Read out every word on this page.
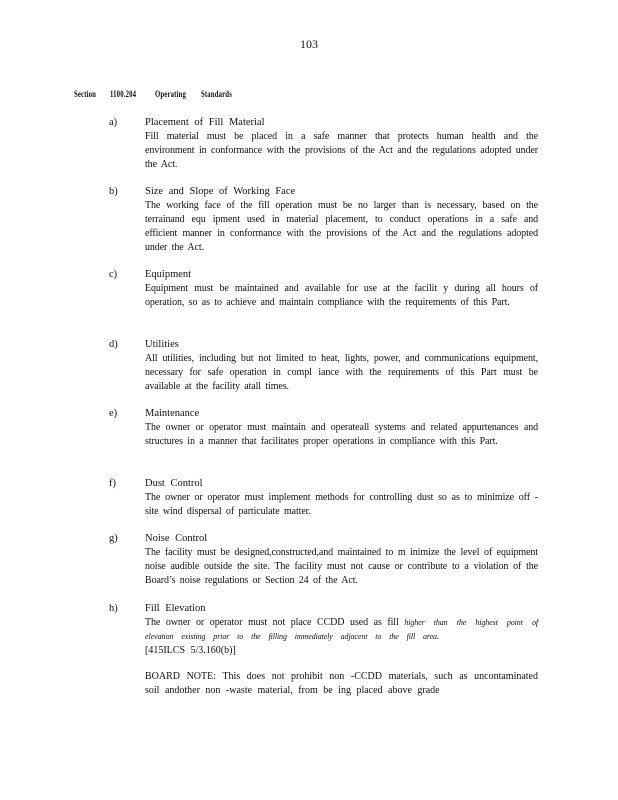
103
Section 1100.204 Operating Standards
a)	Placement of Fill Material
Fill material must be placed in a safe manner that protects human health and the environment in conformance with the provisions of the Act and the regulations adopted under the Act.
b)	Size and Slope of Working Face
The working face of the fill operation must be no larger than is necessary, based on the terrainand equ ipment used in material placement, to conduct operations in a safe and efficient manner in conformance with the provisions of the Act and the regulations adopted under the Act.
c)	Equipment
Equipment must be maintained and available for use at the facilit y during all hours of operation, so as to achieve and maintain compliance with the requirements of this Part.
d)	Utilities
All utilities, including but not limited to heat, lights, power, and communications equipment, necessary for safe operation in compl iance with the requirements of this Part must be available at the facility atall times.
e)	Maintenance
The owner or operator must maintain and operateall systems and related appurtenances and structures in a manner that facilitates proper operations in compliance with this Part.
f)	Dust Control
The owner or operator must implement methods for controlling dust so as to minimize off -site wind dispersal of particulate matter.
g)	Noise Control
The facility must be designed,constructed,and maintained to m inimize the level of equipment noise audible outside the site. The facility must not cause or contribute to a violation of the Board’s noise regulations or Section 24 of the Act.
h)	Fill Elevation
The owner or operator must not place CCDD used as fill higher than the highest point of elevation existing prior to the filling immediately adjacent to the fill area.
[415ILCS 5/3.160(b)]
BOARD NOTE: This does not prohibit non -CCDD materials, such as uncontaminated soil andother non -waste material, from be ing placed above grade
